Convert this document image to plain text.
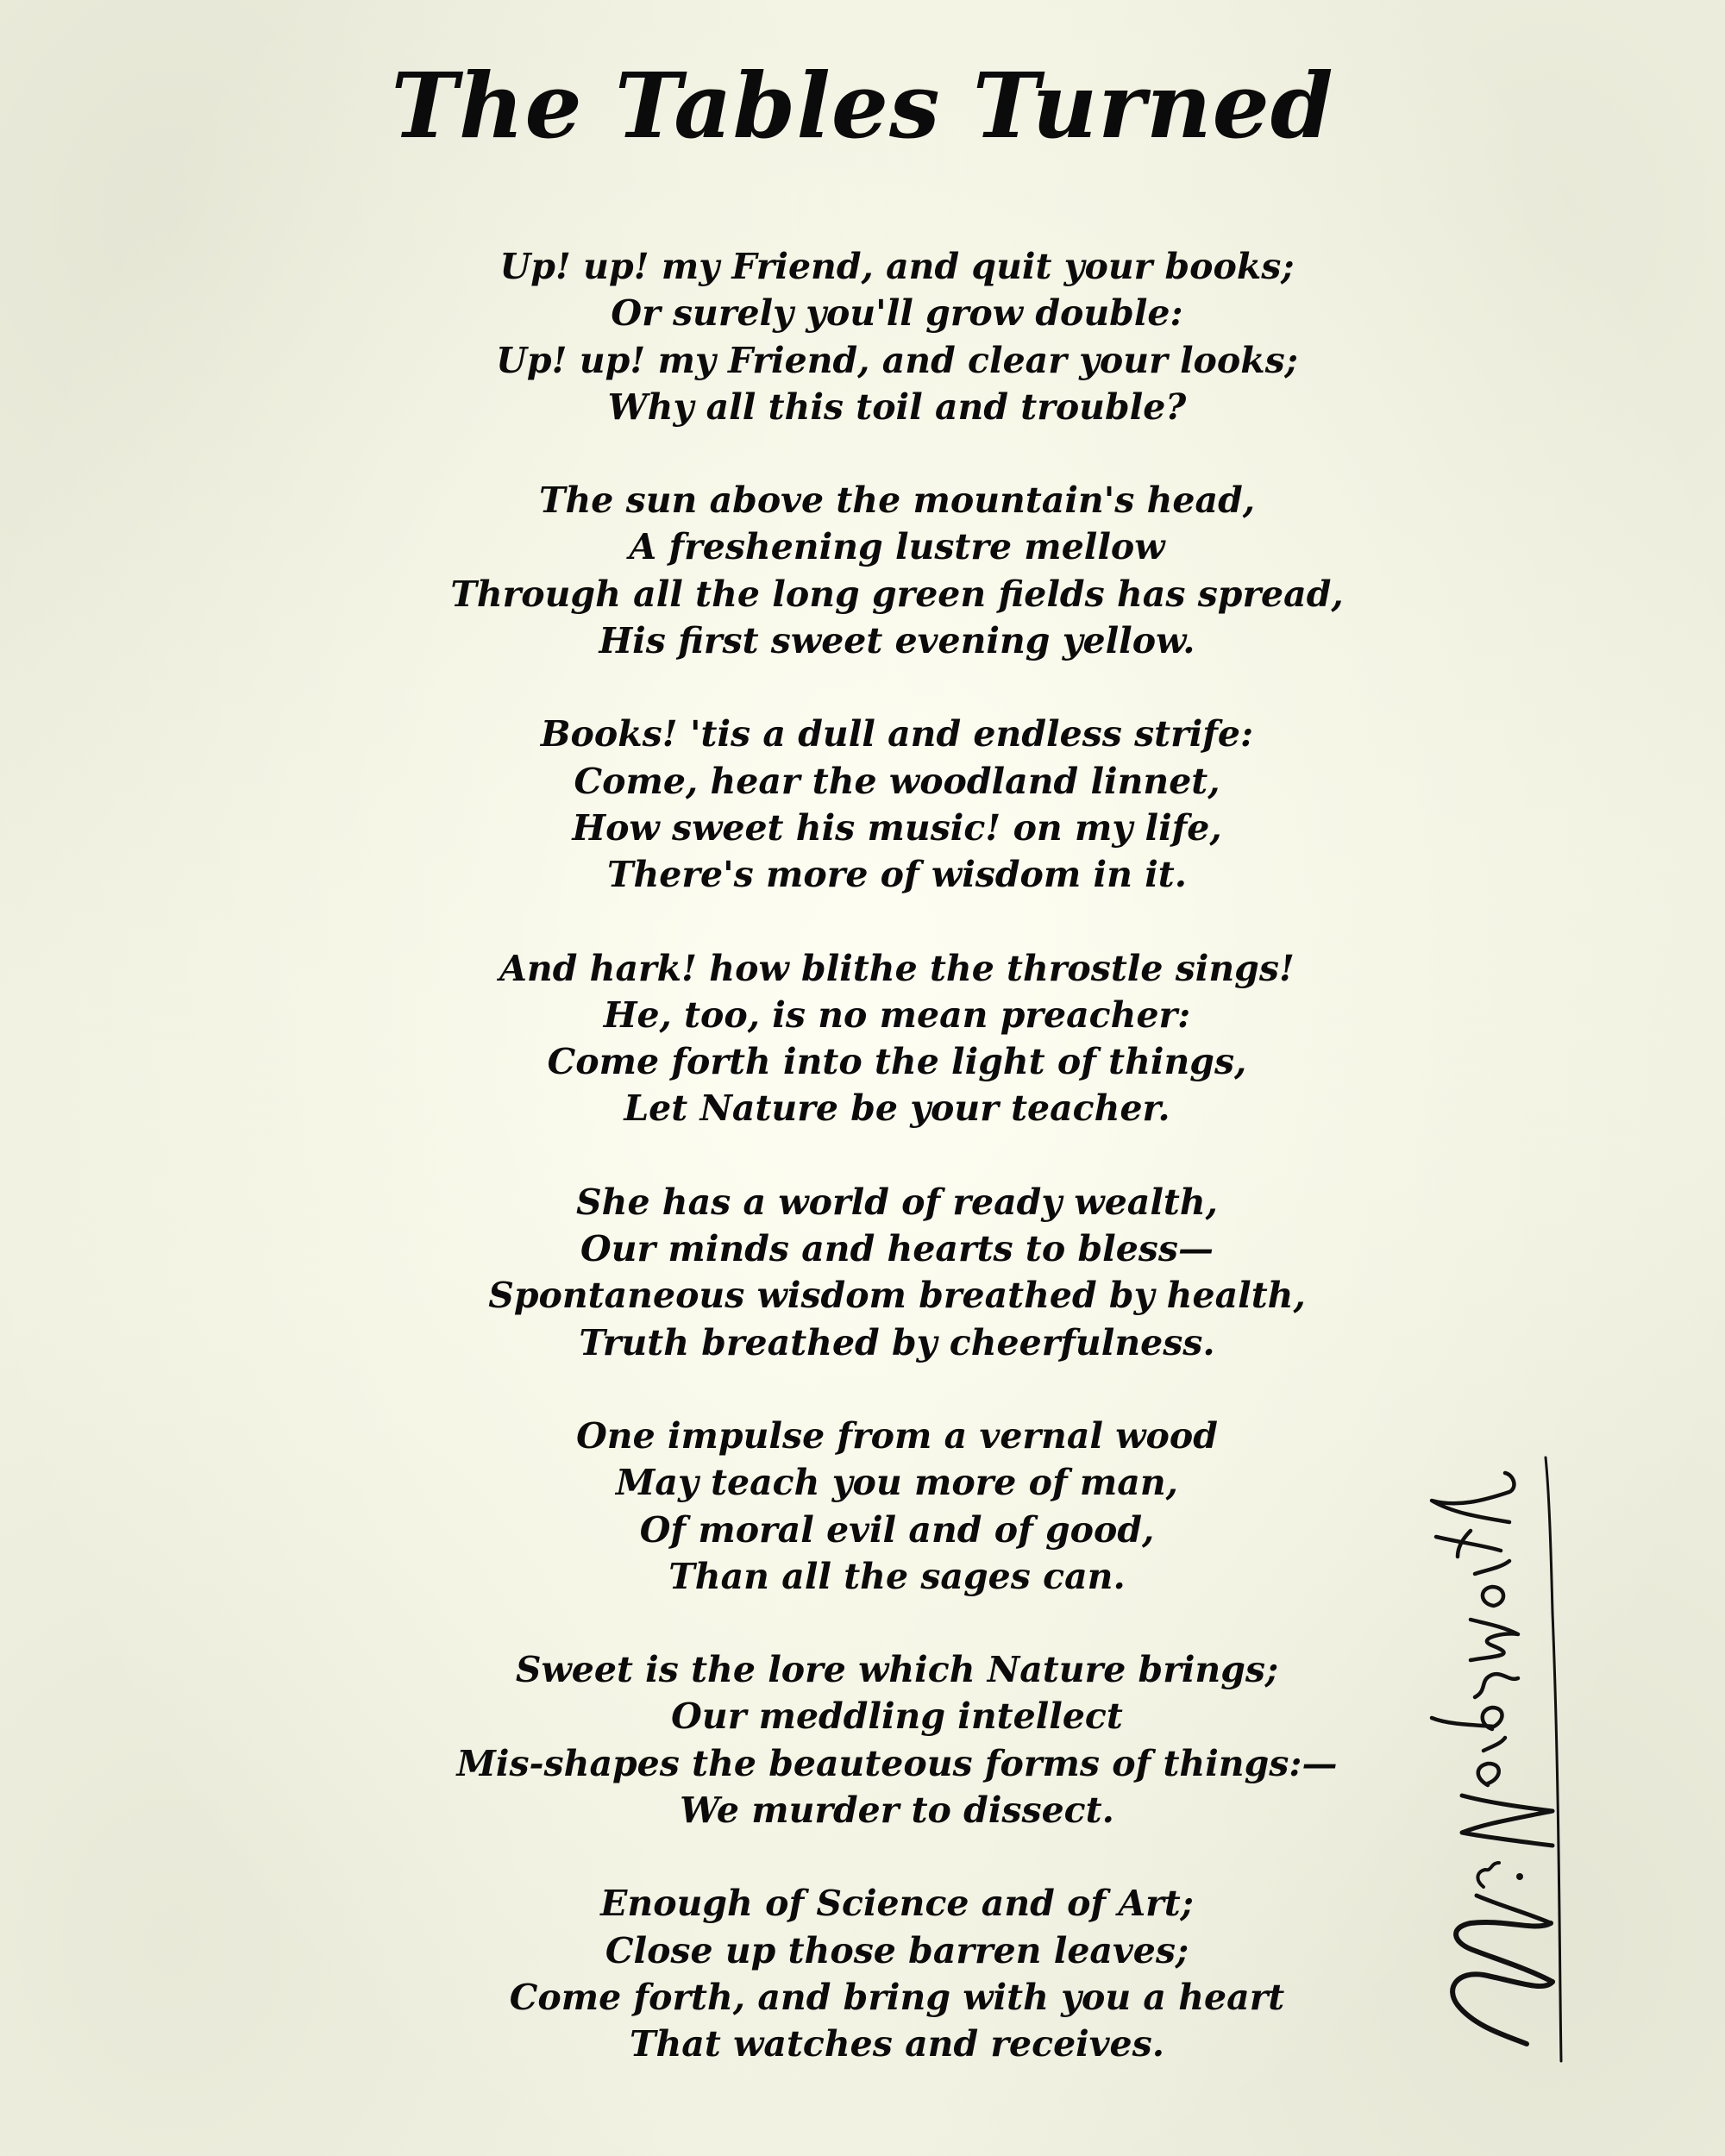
The Tables Turned
Up! up! my Friend, and quit your books;
Or surely you'll grow double:
Up! up! my Friend, and clear your looks;
Why all this toil and trouble?
The sun above the mountain's head,
A freshening lustre mellow
Through all the long green fields has spread,
His first sweet evening yellow.
Books! 'tis a dull and endless strife:
Come, hear the woodland linnet,
How sweet his music! on my life,
There's more of wisdom in it.
And hark! how blithe the throstle sings!
He, too, is no mean preacher:
Come forth into the light of things,
Let Nature be your teacher.
She has a world of ready wealth,
Our minds and hearts to bless—
Spontaneous wisdom breathed by health,
Truth breathed by cheerfulness.
One impulse from a vernal wood
May teach you more of man,
Of moral evil and of good,
Than all the sages can.
Sweet is the lore which Nature brings;
Our meddling intellect
Mis-shapes the beauteous forms of things:—
We murder to dissect.
Enough of Science and of Art;
Close up those barren leaves;
Come forth, and bring with you a heart
That watches and receives.
